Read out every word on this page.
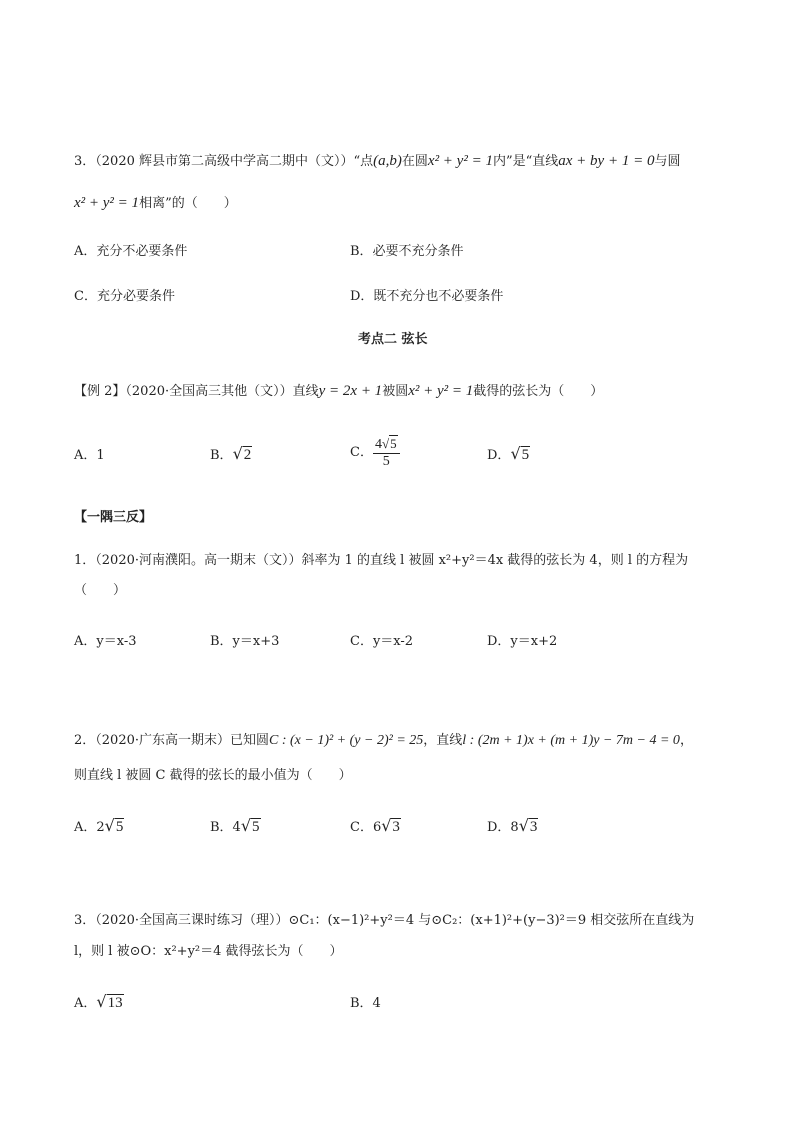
3．（2020 辉县市第二高级中学高二期中（文））“点(a,b)在圆x² + y² = 1内”是“直线ax + by + 1 = 0与圆
x² + y² = 1相离”的（　　）
A．充分不必要条件	B．必要不充分条件
C．充分必要条件	D．既不充分也不必要条件
考点二 弦长
【例 2】（2020·全国高三其他（文））直线y = 2x + 1被圆x² + y² = 1截得的弦长为（　　）
A．1	B．√2	C． $\frac{4√5}{5}$	D．√5
【一隅三反】
1．（2020·河南濮阳。高一期末（文））斜率为 1 的直线 l 被圆 x²+y²＝4x 截得的弦长为 4，则 l 的方程为
（　　）
A．y＝x-3	B．y＝x+3	C．y＝x-2	D．y＝x+2
2．（2020·广东高一期末）已知圆C : (x − 1)² + (y − 2)² = 25，直线l : (2m + 1)x + (m + 1)y − 7m − 4 = 0，
则直线 l 被圆 C 截得的弦长的最小值为（　　）
A．2√5	B．4√5	C．6√3	D．8√3
3．（2020·全国高三课时练习（理））⊙C₁：(x−1)²+y²＝4 与⊙C₂：(x+1)²+(y−3)²＝9 相交弦所在直线为
l，则 l 被⊙O：x²+y²＝4 截得弦长为（　　）
A．√13	B．4
